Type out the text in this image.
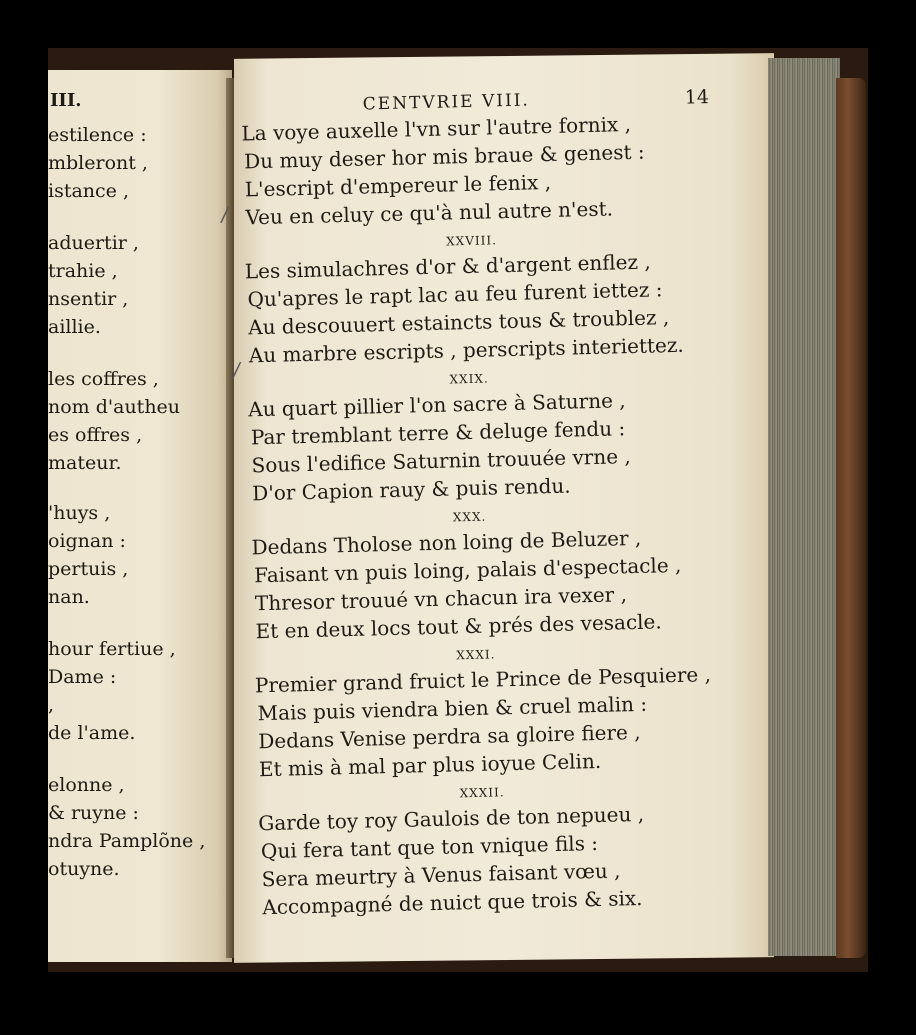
III.
estilence :
mbleront ,
istance ,
aduertir ,
trahie ,
nsentir ,
aillie.
les coffres ,
nom d'autheu
es offres ,
mateur.
'huys ,
oignan :
pertuis ,
nan.
hour fertiue ,
Dame :
,
de l'ame.
elonne ,
& ruyne :
ndra Pamplõne ,
otuyne.
CENTVRIE VIII.	14
La voye auxelle l'vn sur l'autre fornix ,
Du muy deser hor mis braue & genest :
L'escript d'empereur le fenix ,
Veu en celuy ce qu'à nul autre n'est.
XXVIII.
Les simulachres d'or & d'argent enflez ,
Qu'apres le rapt lac au feu furent iettez :
Au descouuert estaincts tous & troublez ,
Au marbre escripts , perscripts interiettez.
XXIX.
Au quart pillier l'on sacre à Saturne ,
Par tremblant terre & deluge fendu :
Sous l'edifice Saturnin trouuée vrne ,
D'or Capion rauy & puis rendu.
XXX.
Dedans Tholose non loing de Beluzer ,
Faisant vn puis loing, palais d'espectacle ,
Thresor trouué vn chacun ira vexer ,
Et en deux locs tout & prés des vesacle.
XXXI.
Premier grand fruict le Prince de Pesquiere ,
Mais puis viendra bien & cruel malin :
Dedans Venise perdra sa gloire fiere ,
Et mis à mal par plus ioyue Celin.
XXXII.
Garde toy roy Gaulois de ton nepueu ,
Qui fera tant que ton vnique fils :
Sera meurtry à Venus faisant vœu ,
Accompagné de nuict que trois & six.
/
/
